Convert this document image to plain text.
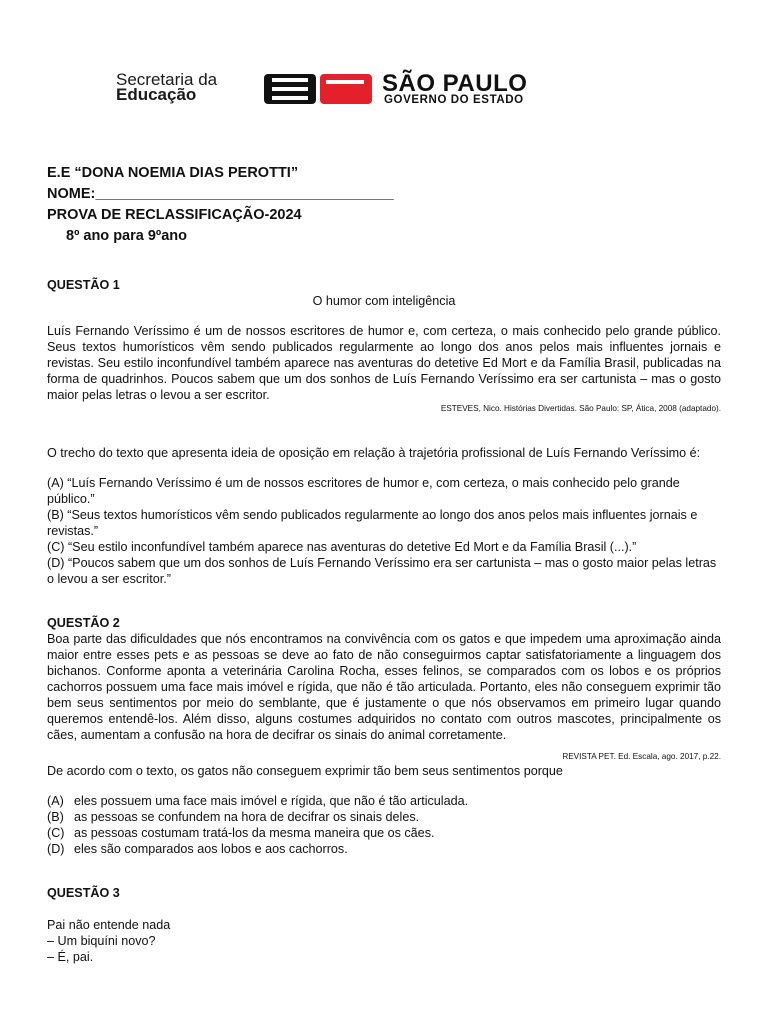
Secretaria da
Educação	SÃO PAULO
GOVERNO DO ESTADO
E.E “DONA NOEMIA DIAS PEROTTI”
NOME:_____________________________________
PROVA DE RECLASSIFICAÇÃO-2024
8º ano para 9ºano
QUESTÃO 1
O humor com inteligência
Luís Fernando Veríssimo é um de nossos escritores de humor e, com certeza, o mais conhecido pelo grande público. Seus textos humorísticos vêm sendo publicados regularmente ao longo dos anos pelos mais influentes jornais e revistas. Seu estilo inconfundível também aparece nas aventuras do detetive Ed Mort e da Família Brasil, publicadas na forma de quadrinhos. Poucos sabem que um dos sonhos de Luís Fernando Veríssimo era ser cartunista – mas o gosto maior pelas letras o levou a ser escritor.
ESTEVES, Nico. Histórias Divertidas. São Paulo: SP, Ática, 2008 (adaptado).
O trecho do texto que apresenta ideia de oposição em relação à trajetória profissional de Luís Fernando Veríssimo é:
(A) “Luís Fernando Veríssimo é um de nossos escritores de humor e, com certeza, o mais conhecido pelo grande público.”
(B) “Seus textos humorísticos vêm sendo publicados regularmente ao longo dos anos pelos mais influentes jornais e revistas.”
(C) “Seu estilo inconfundível também aparece nas aventuras do detetive Ed Mort e da Família Brasil (...).”
(D) “Poucos sabem que um dos sonhos de Luís Fernando Veríssimo era ser cartunista – mas o gosto maior pelas letras o levou a ser escritor.”
QUESTÃO 2
Boa parte das dificuldades que nós encontramos na convivência com os gatos e que impedem uma aproximação ainda maior entre esses pets e as pessoas se deve ao fato de não conseguirmos captar satisfatoriamente a linguagem dos bichanos. Conforme aponta a veterinária Carolina Rocha, esses felinos, se comparados com os lobos e os próprios cachorros possuem uma face mais imóvel e rígida, que não é tão articulada. Portanto, eles não conseguem exprimir tão bem seus sentimentos por meio do semblante, que é justamente o que nós observamos em primeiro lugar quando queremos entendê-los. Além disso, alguns costumes adquiridos no contato com outros mascotes, principalmente os cães, aumentam a confusão na hora de decifrar os sinais do animal corretamente.
REVISTA PET. Ed. Escala, ago. 2017, p.22.
De acordo com o texto, os gatos não conseguem exprimir tão bem seus sentimentos porque
(A) eles possuem uma face mais imóvel e rígida, que não é tão articulada.
(B) as pessoas se confundem na hora de decifrar os sinais deles.
(C) as pessoas costumam tratá-los da mesma maneira que os cães.
(D) eles são comparados aos lobos e aos cachorros.
QUESTÃO 3
Pai não entende nada
– Um biquíni novo?
– É, pai.
